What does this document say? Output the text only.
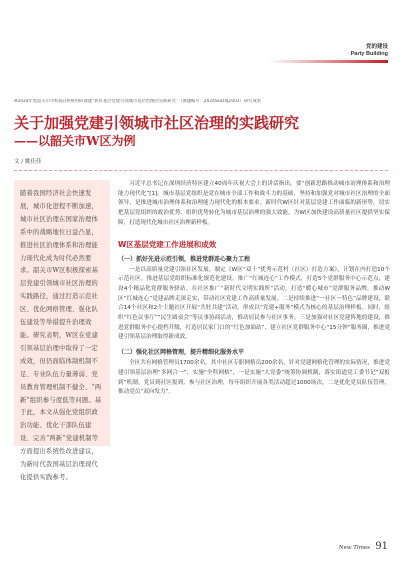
党的建设
Party Building
※2024年度韶关市市校(院)系统科研课题“抓好基层党建引领城市基层治理的实践研究”（课题编号：2024SGDXJZ002）研究成果
关于加强党建引领城市社区治理的实践研究
——以韶关市W区为例
文 / 姚佳佳
随着我国经济社会快速发展，城市化进程不断加速，城市社区治理在国家治理体系中的战略地位日益凸显，推进社区治理体系和治理能力现代化成为时代必然要求。韶关市W区积极探索基层党建引领城市社区治理的实践路径，通过打造示范社区、优化网格管理、强化队伍建设等举措提升治理效能。研究表明，W区在党建引领基层治理中取得了一定成效，但仍面临体制机制不足、专业队伍力量薄弱、党员教育管理机制不健全、“两新”组织参与度低等问题。基于此，本文从强化党组织政治功能、优化干部队伍建设、完善“两新”党建机制等方面提出系统性改进建议，为新时代我国基层治理现代化提供实践参考。

习近平总书记在深圳经济特区建立40周年庆祝大会上的讲话指出，要“创新思路推动城市治理体系和治理能力现代化”[1]。城市基层党组织是党在城市全部工作和战斗力的基础，坚持和加强党对城市社区治理的全面领导，是推进城市治理体系和治理能力现代化的根本要求。新时代W区针对基层党建工作面临的新形势，切实把基层党组织的政治优势、组织优势转化为城市基层治理的强大效能，为W区加快建设高质量社区提供坚实保障，打造现代化城市社区治理新样板。

W区基层党建工作进展和成效
（一）抓好先进示范引领，推进党群连心聚力工程

一是以高质量党建引领社区发展。制定《W区“双十”优秀示范村（社区）打造方案》，计划在内打造10个示范社区。推进基层党组织标准化规范化建设，推广“红城连心”工作模式，打造5个党群服务中心示范点，建设4个精品化党群服务驿站。在社区推广“新时代文明实践所”活动，打造“暖心城市”党群服务品牌，推动W区“红城连心”党建品牌走深走实，带动社区党建工作高质量发展。二是持续推进“一社区一特色”品牌建设，联合14个社区和2个主题社区开展“共驻共建”活动，形成以“党建+服务”模式为核心的基层治理样板。同时，组织“红色议事厅”“民生圆桌会”等议事协商活动，推动居民参与社区事务。三是加强对社区党建阵地的建设，推进党群服务中心提档升级，打造居民家门口的“红色加油站”，建立社区党群服务中心“15分钟”服务圈，推进党建引领基层治理取得新成效。

（二）强化社区网格管理，提升精细化服务水平

全区共有网格管理员1700余名，其中社区专职网格员200余名，针对党建网格化管理的实际情况，推进党建引领基层治理“多网合一”，实施“全科网格”，一是实施“大党委”统筹协调机制，落实街道党工委书记“双报到”机制，党员到社区报到、参与社区治理，每年组织开展各类活动超过1000场次，二是优化党员队伍管理，推动党员“双向发力”。

New Times 91
